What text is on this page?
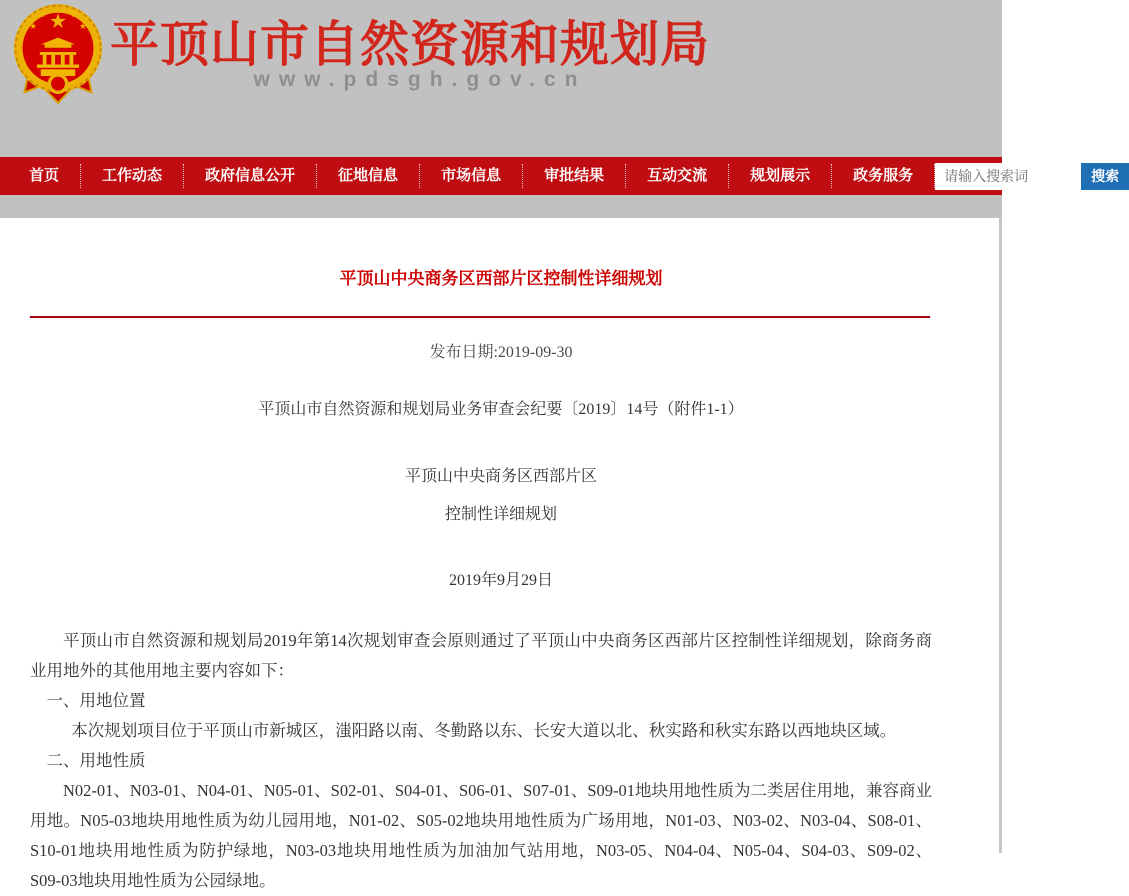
平顶山市自然资源和规划局
www.pdsgh.gov.cn
首页	工作动态	政府信息公开	征地信息	市场信息	审批结果	互动交流	规划展示	政务服务
请输入搜索词	搜索
平顶山中央商务区西部片区控制性详细规划
发布日期:2019-09-30
平顶山市自然资源和规划局业务审查会纪要〔2019〕14号（附件1-1）
平顶山中央商务区西部片区
控制性详细规划
2019年9月29日

平顶山市自然资源和规划局2019年第14次规划审查会原则通过了平顶山中央商务区西部片区控制性详细规划，除商务商业用地外的其他用地主要内容如下：

一、用地位置

本次规划项目位于平顶山市新城区，滍阳路以南、冬勤路以东、长安大道以北、秋实路和秋实东路以西地块区域。

二、用地性质

N02-01、N03-01、N04-01、N05-01、S02-01、S04-01、S06-01、S07-01、S09-01地块用地性质为二类居住用地，兼容商业用地。N05-03地块用地性质为幼儿园用地，N01-02、S05-02地块用地性质为广场用地，N01-03、N03-02、N03-04、S08-01、S10-01地块用地性质为防护绿地，N03-03地块用地性质为加油加气站用地，N03-05、N04-04、N05-04、S04-03、S09-02、S09-03地块用地性质为公园绿地。
